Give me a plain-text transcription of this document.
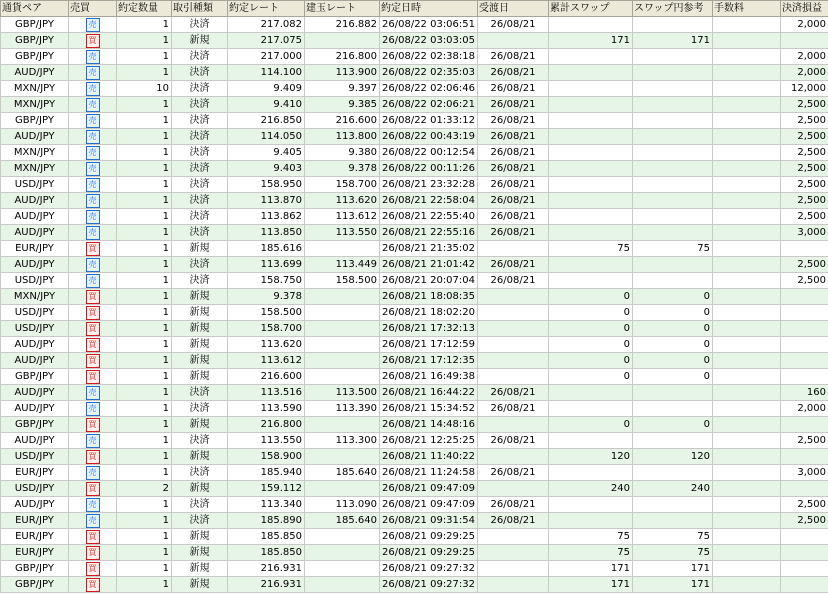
通貨ペア	売買	約定数量	取引種類	約定レート	建玉レート	約定日時	受渡日	累計スワップ	スワップ円参考	手数料	決済損益
GBP/JPY	売	1	決済	217.082	216.882	26/08/22 03:06:51	26/08/21				2,000
GBP/JPY	買	1	新規	217.075		26/08/22 03:03:05		171	171		
GBP/JPY	売	1	決済	217.000	216.800	26/08/22 02:38:18	26/08/21				2,000
AUD/JPY	売	1	決済	114.100	113.900	26/08/22 02:35:03	26/08/21				2,000
MXN/JPY	売	10	決済	9.409	9.397	26/08/22 02:06:46	26/08/21				12,000
MXN/JPY	売	1	決済	9.410	9.385	26/08/22 02:06:21	26/08/21				2,500
GBP/JPY	売	1	決済	216.850	216.600	26/08/22 01:33:12	26/08/21				2,500
AUD/JPY	売	1	決済	114.050	113.800	26/08/22 00:43:19	26/08/21				2,500
MXN/JPY	売	1	決済	9.405	9.380	26/08/22 00:12:54	26/08/21				2,500
MXN/JPY	売	1	決済	9.403	9.378	26/08/22 00:11:26	26/08/21				2,500
USD/JPY	売	1	決済	158.950	158.700	26/08/21 23:32:28	26/08/21				2,500
AUD/JPY	売	1	決済	113.870	113.620	26/08/21 22:58:04	26/08/21				2,500
AUD/JPY	売	1	決済	113.862	113.612	26/08/21 22:55:40	26/08/21				2,500
AUD/JPY	売	1	決済	113.850	113.550	26/08/21 22:55:16	26/08/21				3,000
EUR/JPY	買	1	新規	185.616		26/08/21 21:35:02		75	75		
AUD/JPY	売	1	決済	113.699	113.449	26/08/21 21:01:42	26/08/21				2,500
USD/JPY	売	1	決済	158.750	158.500	26/08/21 20:07:04	26/08/21				2,500
MXN/JPY	買	1	新規	9.378		26/08/21 18:08:35		0	0		
USD/JPY	買	1	新規	158.500		26/08/21 18:02:20		0	0		
USD/JPY	買	1	新規	158.700		26/08/21 17:32:13		0	0		
AUD/JPY	買	1	新規	113.620		26/08/21 17:12:59		0	0		
AUD/JPY	買	1	新規	113.612		26/08/21 17:12:35		0	0		
GBP/JPY	買	1	新規	216.600		26/08/21 16:49:38		0	0		
AUD/JPY	売	1	決済	113.516	113.500	26/08/21 16:44:22	26/08/21				160
AUD/JPY	売	1	決済	113.590	113.390	26/08/21 15:34:52	26/08/21				2,000
GBP/JPY	買	1	新規	216.800		26/08/21 14:48:16		0	0		
AUD/JPY	売	1	決済	113.550	113.300	26/08/21 12:25:25	26/08/21				2,500
USD/JPY	買	1	新規	158.900		26/08/21 11:40:22		120	120		
EUR/JPY	売	1	決済	185.940	185.640	26/08/21 11:24:58	26/08/21				3,000
USD/JPY	買	2	新規	159.112		26/08/21 09:47:09		240	240		
AUD/JPY	売	1	決済	113.340	113.090	26/08/21 09:47:09	26/08/21				2,500
EUR/JPY	売	1	決済	185.890	185.640	26/08/21 09:31:54	26/08/21				2,500
EUR/JPY	買	1	新規	185.850		26/08/21 09:29:25		75	75		
EUR/JPY	買	1	新規	185.850		26/08/21 09:29:25		75	75		
GBP/JPY	買	1	新規	216.931		26/08/21 09:27:32		171	171		
GBP/JPY	買	1	新規	216.931		26/08/21 09:27:32		171	171		
